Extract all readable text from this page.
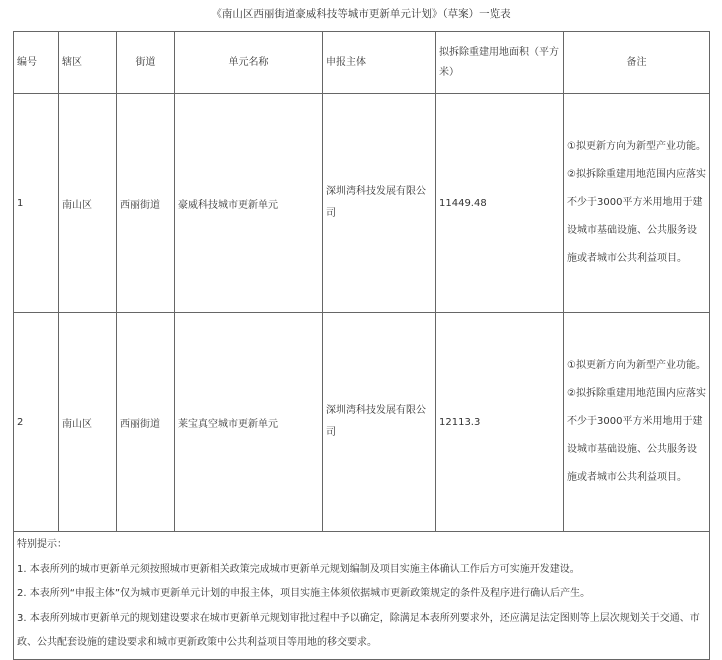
《南山区西丽街道豪威科技等城市更新单元计划》（草案）一览表
编号	辖区	街道	单元名称	申报主体	拟拆除重建用地面积（平方米）	备注
1	南山区	西丽街道	豪威科技城市更新单元	深圳湾科技发展有限公司	11449.48	①拟更新方向为新型产业功能。

②拟拆除重建用地范围内应落实不少于3000平方米用地用于建设城市基础设施、公共服务设施或者城市公共利益项目。

2	南山区	西丽街道	莱宝真空城市更新单元	深圳湾科技发展有限公司	12113.3	①拟更新方向为新型产业功能。

②拟拆除重建用地范围内应落实不少于3000平方米用地用于建设城市基础设施、公共服务设施或者城市公共利益项目。

特别提示：

1. 本表所列的城市更新单元须按照城市更新相关政策完成城市更新单元规划编制及项目实施主体确认工作后方可实施开发建设。

2. 本表所列“申报主体”仅为城市更新单元计划的申报主体，项目实施主体须依据城市更新政策规定的条件及程序进行确认后产生。

3. 本表所列城市更新单元的规划建设要求在城市更新单元规划审批过程中予以确定，除满足本表所列要求外，还应满足法定图则等上层次规划关于交通、市政、公共配套设施的建设要求和城市更新政策中公共利益项目等用地的移交要求。						
